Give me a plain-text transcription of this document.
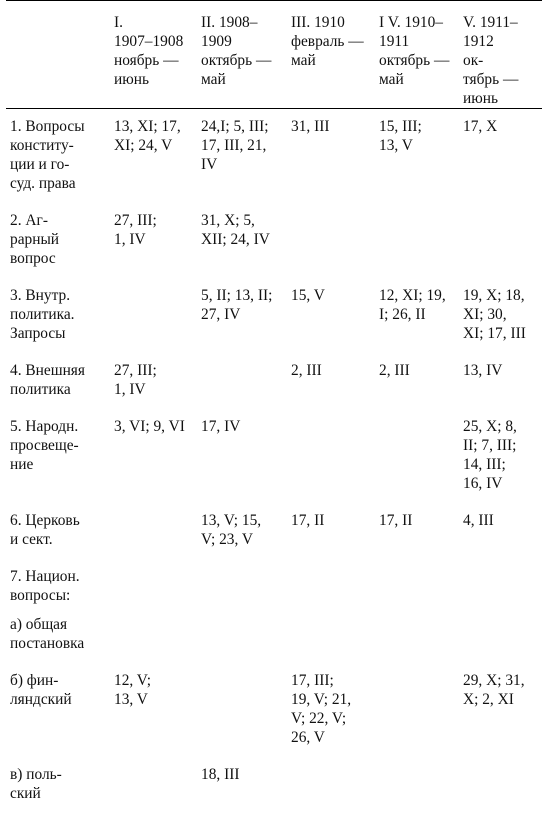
	I.
1907–1908
ноябрь —
июнь	II. 1908–
1909
октябрь —
май	III. 1910
февраль —
май	I V. 1910–
1911
октябрь —
май	V. 1911–
1912
ок-
тябрь —
июнь
1. Вопросы
конститу-
ции и го-
суд. права	13, XI; 17,
XI; 24, V	24,I; 5, III;
17, III, 21,
IV	31, III	15, III;
13, V	17, X
2. Аг-
рарный
вопрос	27, III;
1, IV	31, X; 5,
XII; 24, IV			
3. Внутр.
политика.
Запросы		5, II; 13, II;
27, IV	15, V	12, XI; 19,
I; 26, II	19, X; 18,
XI; 30,
XI; 17, III
4. Внешняя
политика	27, III;
1, IV		2, III	2, III	13, IV
5. Народн.
просвеще-
ние	3, VI; 9, VI	17, IV			25, X; 8,
II; 7, III;
14, III;
16, IV
6. Церковь
и сект.		13, V; 15,
V; 23, V	17, II	17, II	4, III
7. Национ.
вопросы:					
а) общая
постановка					
б) фин-
ляндский	12, V;
13, V		17, III;
19, V; 21,
V; 22, V;
26, V		29, X; 31,
X; 2, XI
в) поль-
ский		18, III			
